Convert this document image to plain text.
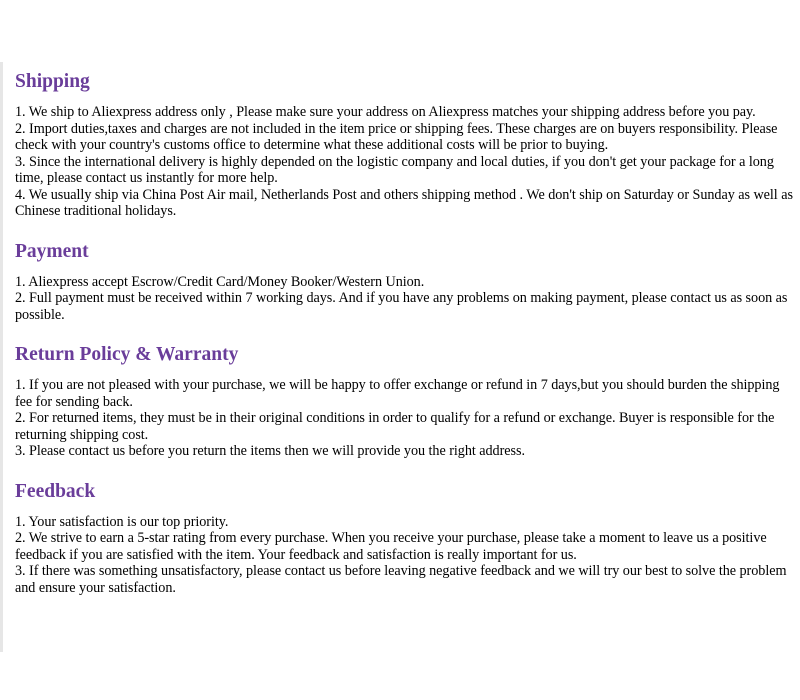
Shipping
1. We ship to Aliexpress address only , Please make sure your address on Aliexpress matches your shipping address before you pay.
2. Import duties,taxes and charges are not included in the item price or shipping fees. These charges are on buyers responsibility. Please check with your country's customs office to determine what these additional costs will be prior to buying.
3. Since the international delivery is highly depended on the logistic company and local duties, if you don't get your package for a long time, please contact us instantly for more help.
4. We usually ship via China Post Air mail, Netherlands Post and others shipping method . We don't ship on Saturday or Sunday as well as Chinese traditional holidays.
Payment
1. Aliexpress accept Escrow/Credit Card/Money Booker/Western Union.
2. Full payment must be received within 7 working days. And if you have any problems on making payment, please contact us as soon as possible.
Return Policy & Warranty
1. If you are not pleased with your purchase, we will be happy to offer exchange or refund in 7 days,but you should burden the shipping fee for sending back.
2. For returned items, they must be in their original conditions in order to qualify for a refund or exchange. Buyer is responsible for the returning shipping cost.
3. Please contact us before you return the items then we will provide you the right address.
Feedback
1. Your satisfaction is our top priority.
2. We strive to earn a 5-star rating from every purchase. When you receive your purchase, please take a moment to leave us a positive feedback if you are satisfied with the item. Your feedback and satisfaction is really important for us.
3. If there was something unsatisfactory, please contact us before leaving negative feedback and we will try our best to solve the problem and ensure your satisfaction.
